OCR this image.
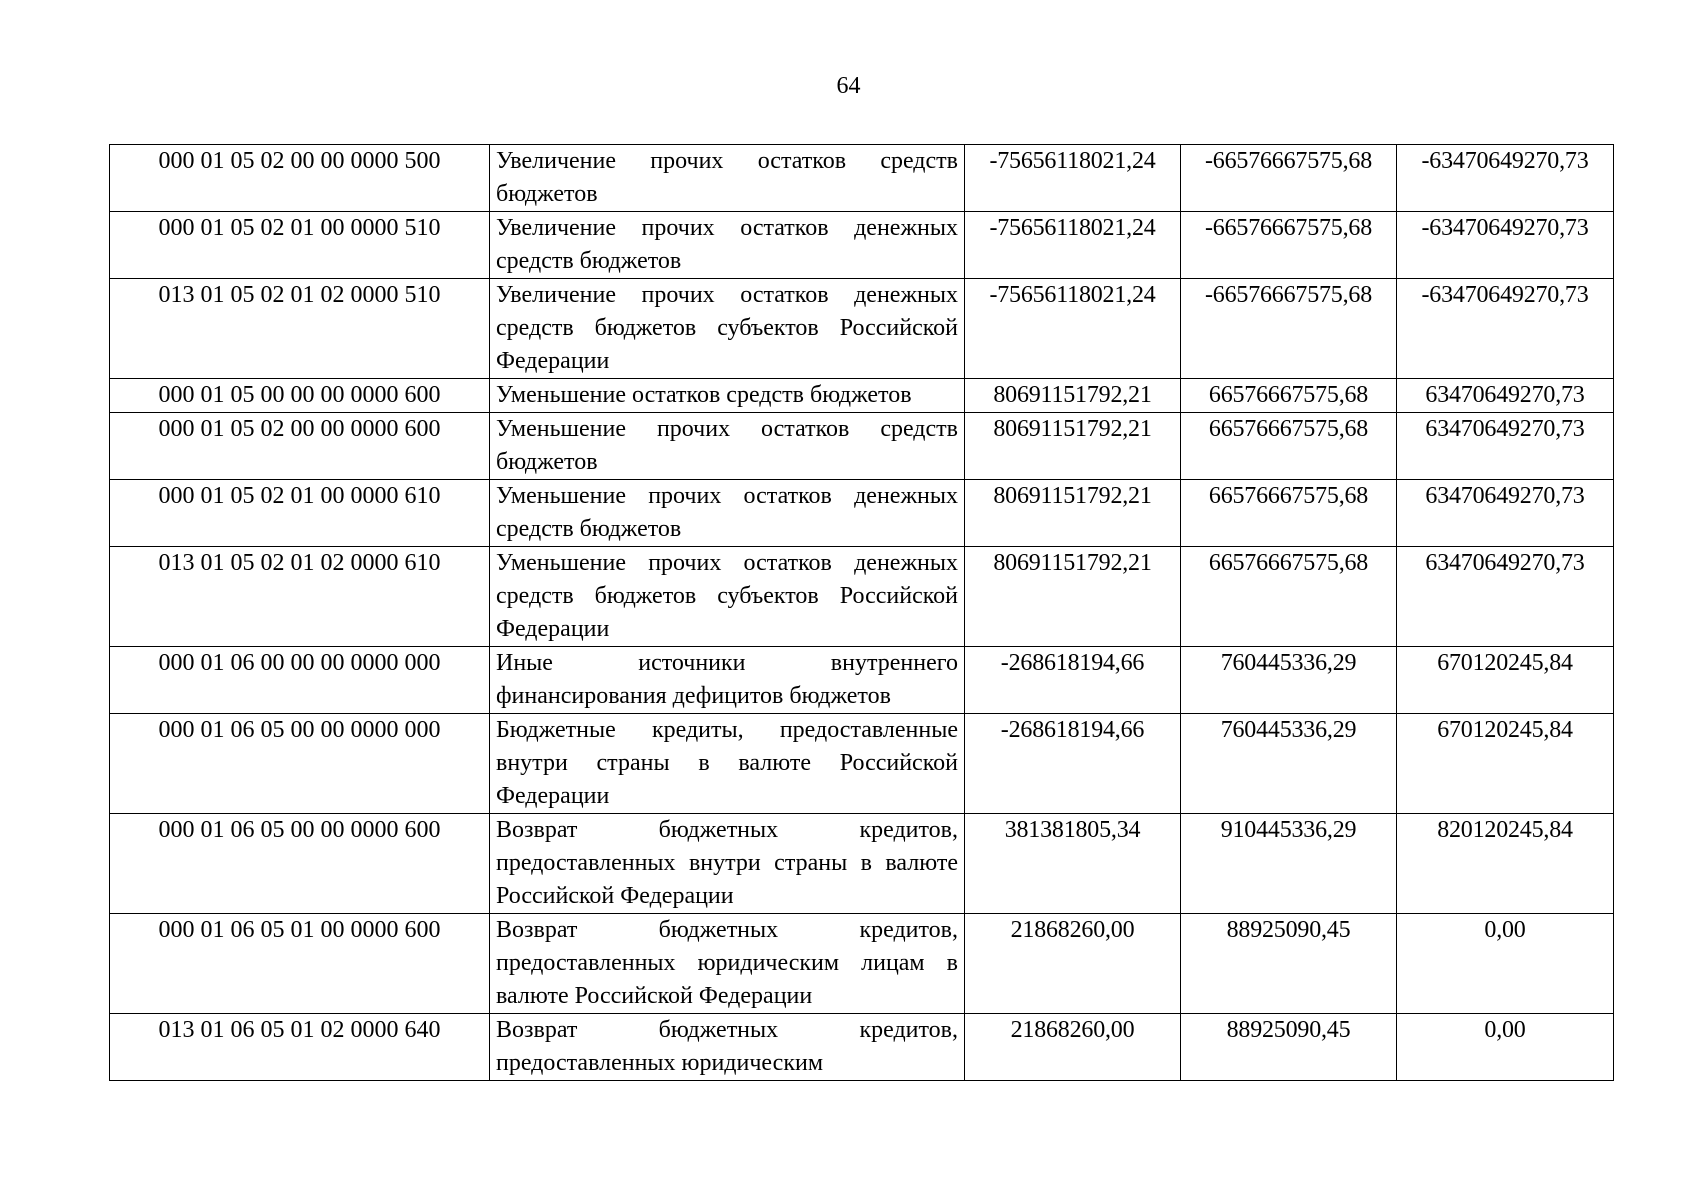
64
000 01 05 02 00 00 0000 500	Увеличение прочих остатков средств бюджетов	-75656118021,24	-66576667575,68	-63470649270,73
000 01 05 02 01 00 0000 510	Увеличение прочих остатков денежных средств бюджетов	-75656118021,24	-66576667575,68	-63470649270,73
013 01 05 02 01 02 0000 510	Увеличение прочих остатков денежных средств бюджетов субъектов Российской Федерации	-75656118021,24	-66576667575,68	-63470649270,73
000 01 05 00 00 00 0000 600	Уменьшение остатков средств бюджетов	80691151792,21	66576667575,68	63470649270,73
000 01 05 02 00 00 0000 600	Уменьшение прочих остатков средств бюджетов	80691151792,21	66576667575,68	63470649270,73
000 01 05 02 01 00 0000 610	Уменьшение прочих остатков денежных средств бюджетов	80691151792,21	66576667575,68	63470649270,73
013 01 05 02 01 02 0000 610	Уменьшение прочих остатков денежных средств бюджетов субъектов Российской Федерации	80691151792,21	66576667575,68	63470649270,73
000 01 06 00 00 00 0000 000	Иные источники внутреннего финансирования дефицитов бюджетов	-268618194,66	760445336,29	670120245,84
000 01 06 05 00 00 0000 000	Бюджетные кредиты, предоставленные внутри страны в валюте Российской Федерации	-268618194,66	760445336,29	670120245,84
000 01 06 05 00 00 0000 600	Возврат бюджетных кредитов, предоставленных внутри страны в валюте Российской Федерации	381381805,34	910445336,29	820120245,84
000 01 06 05 01 00 0000 600	Возврат бюджетных кредитов, предоставленных юридическим лицам в валюте Российской Федерации	21868260,00	88925090,45	0,00
013 01 06 05 01 02 0000 640	Возврат бюджетных кредитов, предоставленных юридическим	21868260,00	88925090,45	0,00
